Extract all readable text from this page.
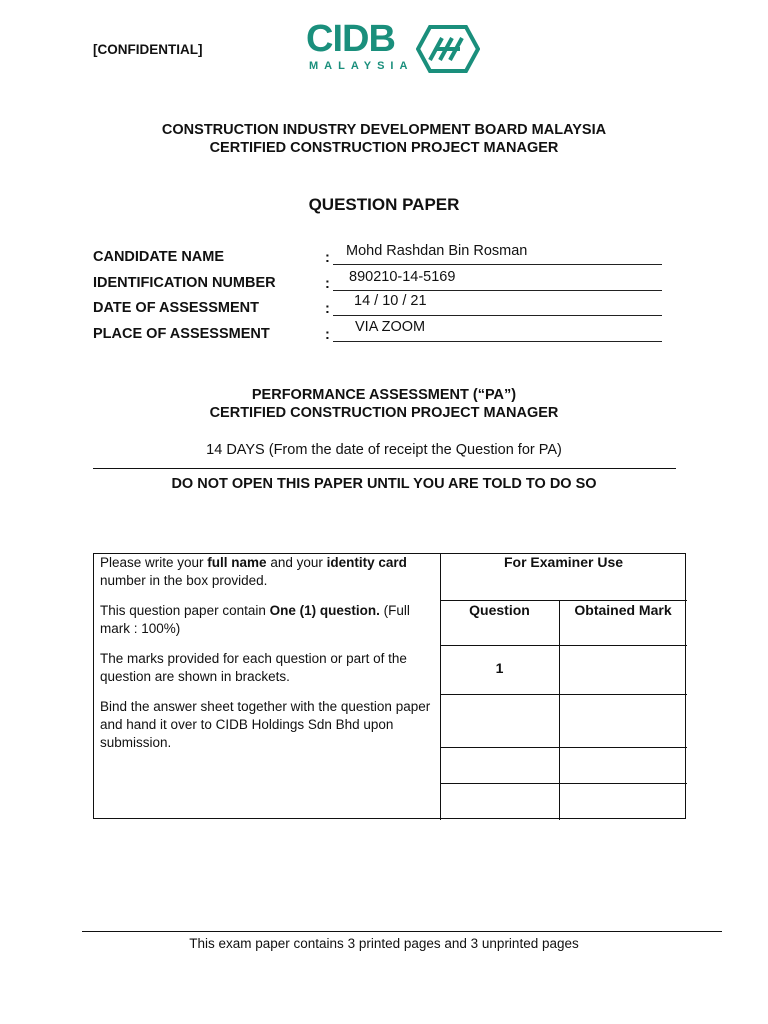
[CONFIDENTIAL]	CIDB
MALAYSIA
CONSTRUCTION INDUSTRY DEVELOPMENT BOARD MALAYSIA
CERTIFIED CONSTRUCTION PROJECT MANAGER
QUESTION PAPER
CANDIDATE NAME	: Mohd Rashdan Bin Rosman
IDENTIFICATION NUMBER	: 890210-14-5169
DATE OF ASSESSMENT	: 14 / 10 / 21
PLACE OF ASSESSMENT	: VIA ZOOM
PERFORMANCE ASSESSMENT (“PA”)
CERTIFIED CONSTRUCTION PROJECT MANAGER
14 DAYS (From the date of receipt the Question for PA)
DO NOT OPEN THIS PAPER UNTIL YOU ARE TOLD TO DO SO

Please write your full name and your identity card number in the box provided.

This question paper contain One (1) question. (Full mark : 100%)

The marks provided for each question or part of the question are shown in brackets.

Bind the answer sheet together with the question paper and hand it over to CIDB Holdings Sdn Bhd upon submission.

For Examiner Use
Question	Obtained Mark
1
This exam paper contains 3 printed pages and 3 unprinted pages
